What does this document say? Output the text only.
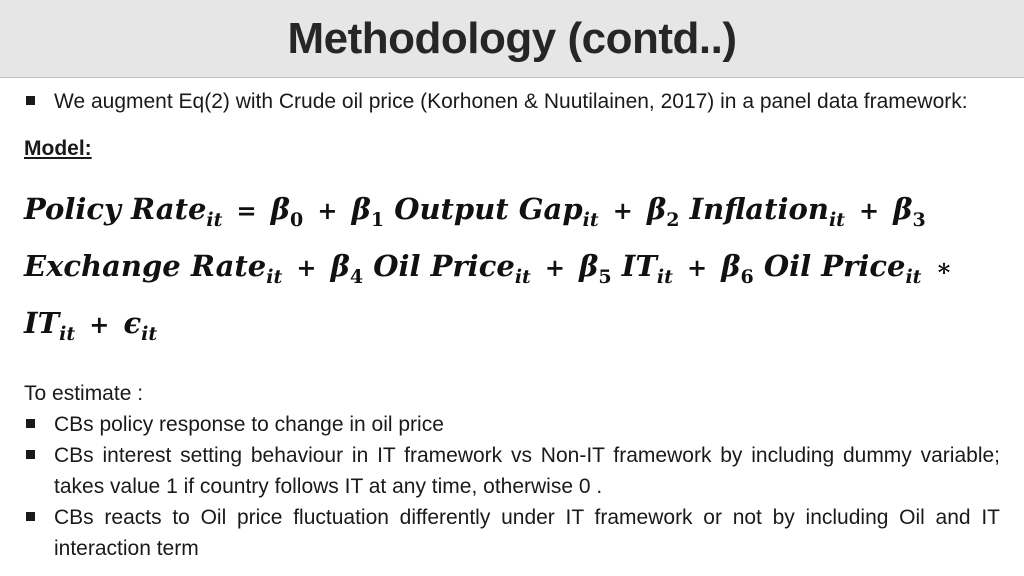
Methodology (contd..)
We augment Eq(2) with Crude oil price (Korhonen & Nuutilainen, 2017) in a panel data framework:
Model:
Policy Rate$_{it}$ = $\beta_0 + \beta_1$ Output $Gap_{it} + \beta_2$ Inflation$_{it}$ + $\beta_3$ Exchange Rate$_{it}$ + $\beta_4$ Oil Price$_{it}$ + $\beta_5$ $IT_{it} + \beta_6$ Oil Price$_{it}$ ∗ $IT_{it} + \epsilon_{it}$
To estimate :
CBs policy response to change in oil price
CBs interest setting behaviour in IT framework vs Non-IT framework by including dummy variable; takes value 1 if country follows IT at any time, otherwise 0 .
CBs reacts to Oil price fluctuation differently under IT framework or not by including Oil and IT interaction term
